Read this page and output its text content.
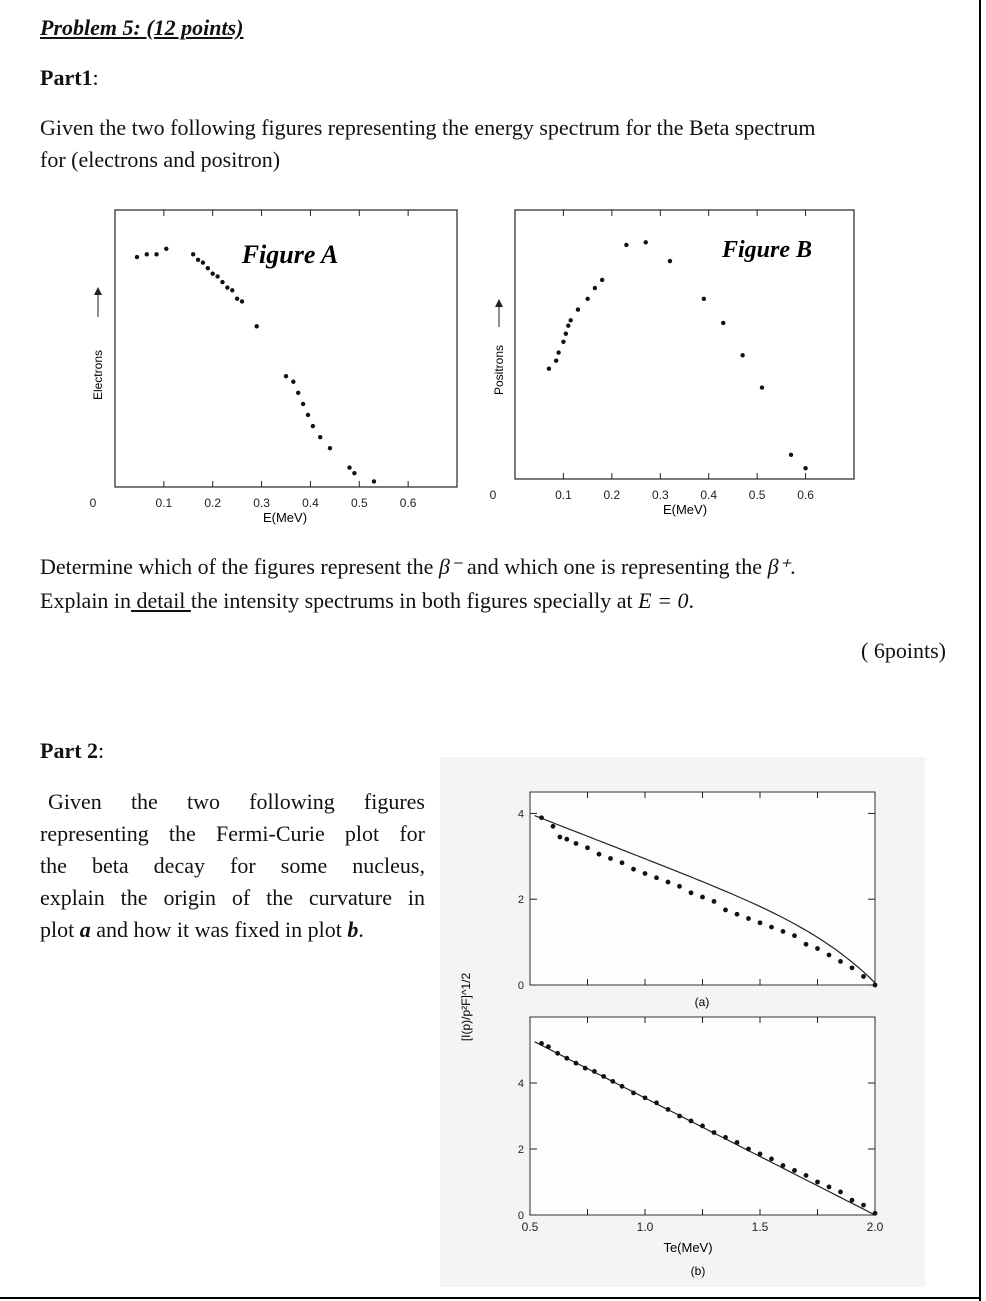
Problem 5: (12 points)
Part1:
Given the two following figures representing the energy spectrum for the Beta spectrum
for (electrons and positron)
0	0.1	0.2	0.3	0.4	0.5	0.6
Figure A
E(MeV)
Electrons
0	0.1	0.2	0.3	0.4	0.5	0.6
Figure B
E(MeV)
Positrons
Determine which of the figures represent the β⁻ and which one is representing the β⁺.
Explain in detail the intensity spectrums in both figures specially at E = 0.
( 6points)
Part 2:
Given the two following figures
representing the Fermi-Curie plot for
the beta decay for some nucleus,
explain the origin of the curvature in
plot a and how it was fixed in plot b.
0
2
4
(a)
0
2
4
0.5	1.0	1.5	2.0
Te(MeV)
(b)
[I(p)/p²F]^1/2
